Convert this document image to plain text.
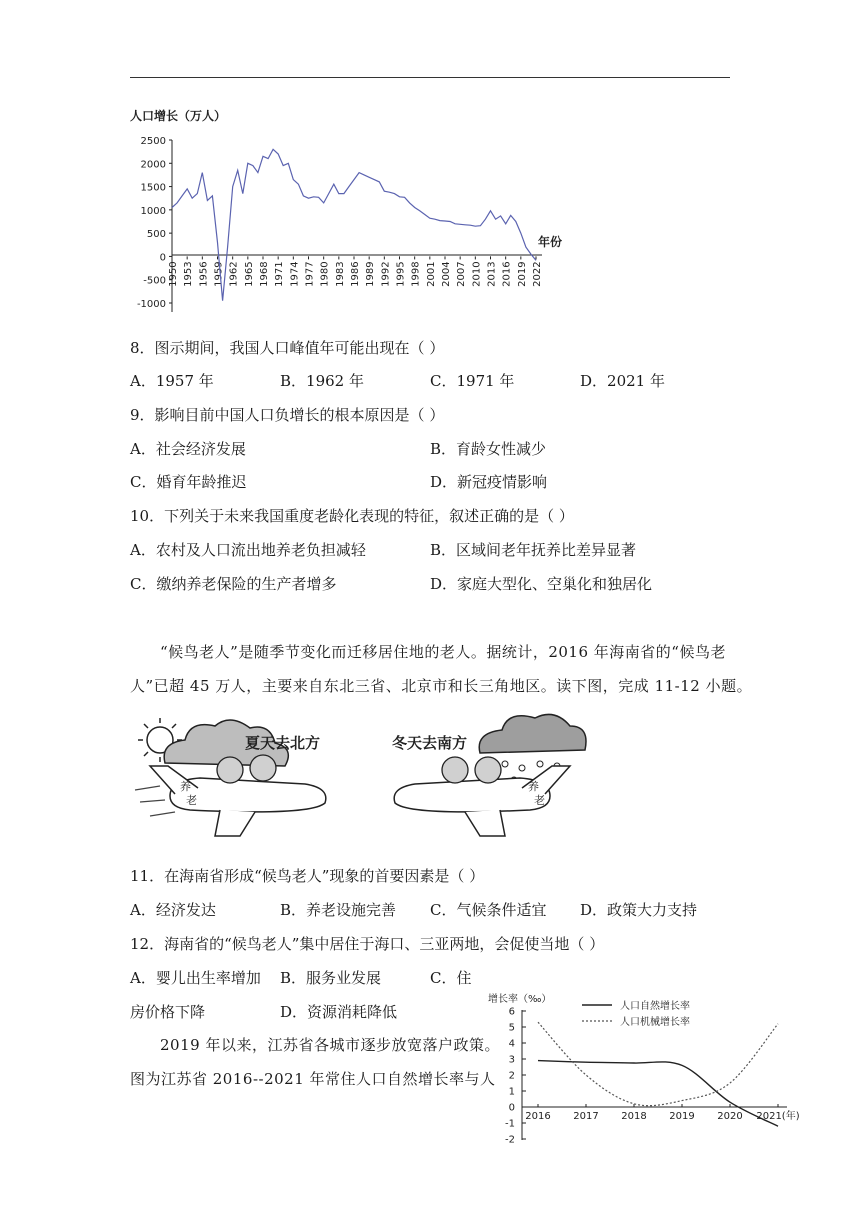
人口增长（万人）
2500
2000
1500
1000
500
0
-500
-1000
1950 1953 1956 1959 1962 1965 1968 1971 1974 1977 1980 1983 1986 1989 1992 1995 1998 2001 2004 2007 2010 2013 2016 2019 2022
年份
8．图示期间，我国人口峰值年可能出现在（ ）
A．1957 年	B．1962 年	C．1971 年	D．2021 年
9．影响目前中国人口负增长的根本原因是（ ）
A．社会经济发展	B．育龄女性减少
C．婚育年龄推迟	D．新冠疫情影响
10．下列关于未来我国重度老龄化表现的特征，叙述正确的是（ ）
A．农村及人口流出地养老负担减轻	B．区域间老年抚养比差异显著
C．缴纳养老保险的生产者增多	D．家庭大型化、空巢化和独居化
“候鸟老人”是随季节变化而迁移居住地的老人。据统计，2016 年海南省的“候鸟老
人”已超 45 万人，主要来自东北三省、北京市和长三角地区。读下图，完成 11-12 小题。
夏天去北方
养
老
冬天去南方
养
老
11．在海南省形成“候鸟老人”现象的首要因素是（ ）
A．经济发达	B．养老设施完善 C．气候条件适宜 D．政策大力支持
12．海南省的“候鸟老人”集中居住于海口、三亚两地，会促使当地（ ）
A．婴儿出生率增加 B．服务业发展	C．住
房价格下降	D．资源消耗降低
2019 年以来，江苏省各城市逐步放宽落户政策。
图为江苏省 2016--2021 年常住人口自然增长率与人
增长率（‰）
人口自然增长率
人口机械增长率
6
5
4
3
2
1
0
-1
-2
2016 2017 2018 2019 2020 2021(年)
